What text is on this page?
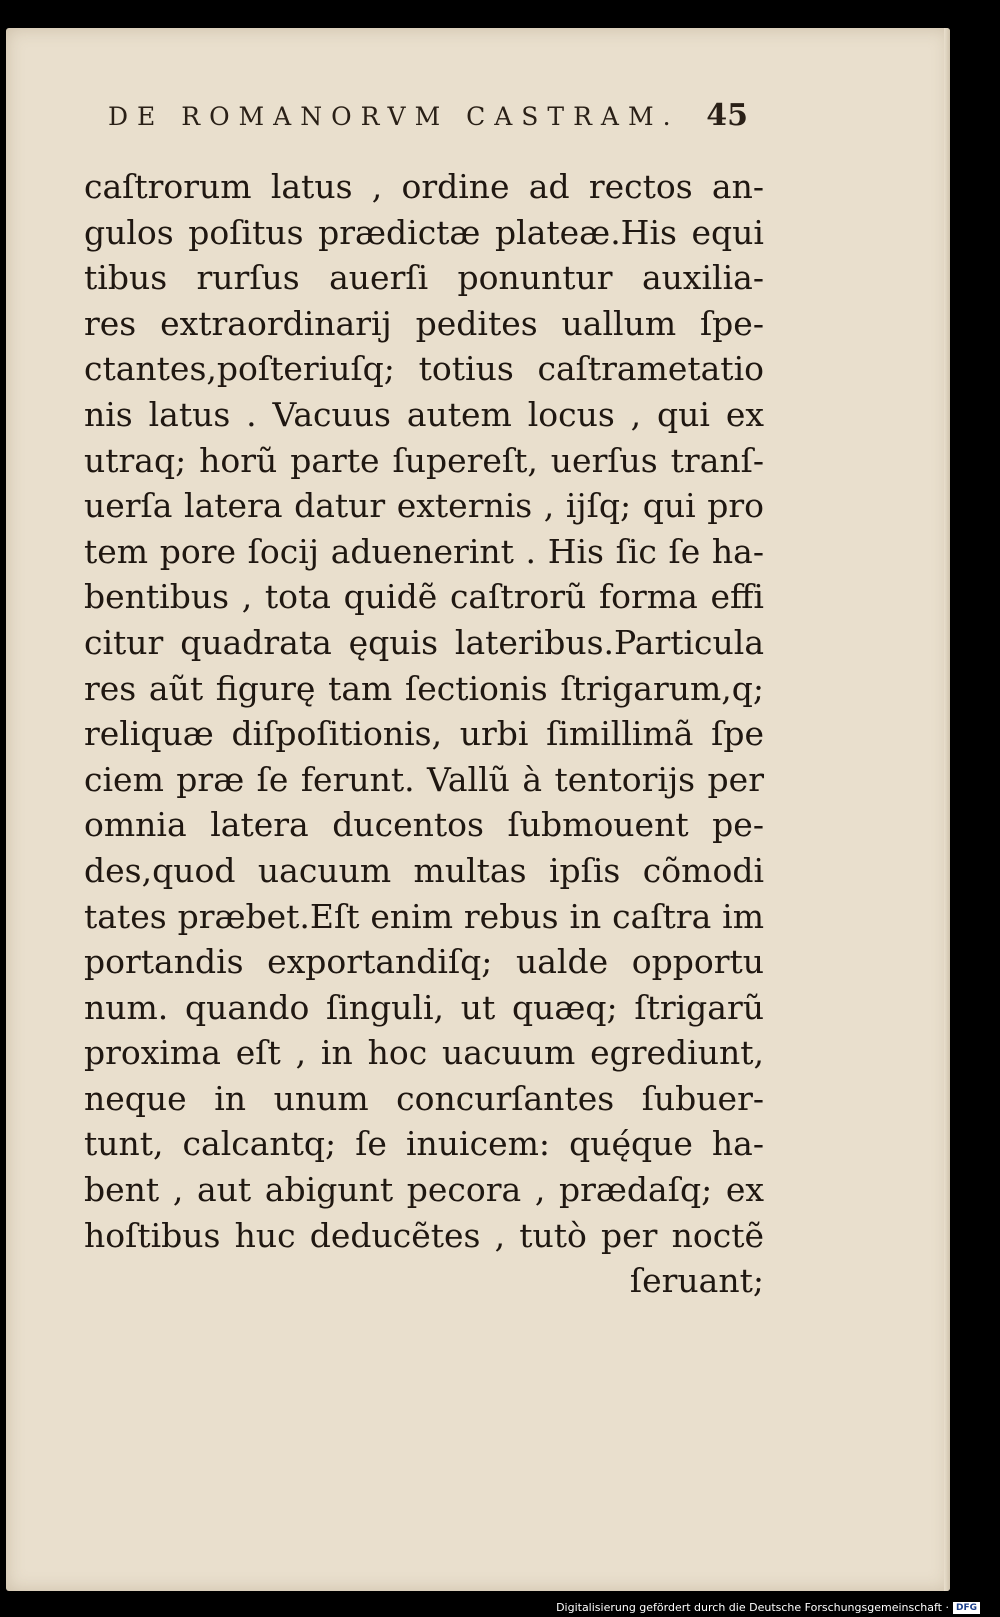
DE ROMANORVM CASTRAM. 45
caſtrorum latus , ordine ad rectos an-
gulos poſitus prædictæ plateæ.His equi
tibus rurſus auerſi ponuntur auxilia-
res extraordinarij pedites uallum ſpe-
ctantes,poſteriuſq; totius caſtrametatio
nis latus . Vacuus autem locus , qui ex
utraq; horũ parte ſupereſt, uerſus tranſ-
uerſa latera datur externis , ijſq; qui pro
tem pore ſocij aduenerint . His ſic ſe ha-
bentibus , tota quidẽ caſtrorũ forma effi
citur quadrata ęquis lateribus.Particula
res aũt figurę tam ſectionis ſtrigarum,q;
reliquæ diſpoſitionis, urbi ſimillimã ſpe
ciem præ ſe ferunt. Vallũ à tentorijs per
omnia latera ducentos ſubmouent pe-
des,quod uacuum multas ipſis cõmodi
tates præbet.Eſt enim rebus in caſtra im
portandis exportandiſq; ualde opportu
num. quando ſinguli, ut quæq; ſtrigarũ
proxima eſt , in hoc uacuum egrediunt,
neque in unum concurſantes ſubuer-
tunt, calcantq; ſe inuicem: quę́que ha-
bent , aut abigunt pecora , prædaſq; ex
hoſtibus huc deducẽtes , tutò per noctẽ
ſeruant;
Digitalisierung gefördert durch die Deutsche Forschungsgemeinschaft · DFG
